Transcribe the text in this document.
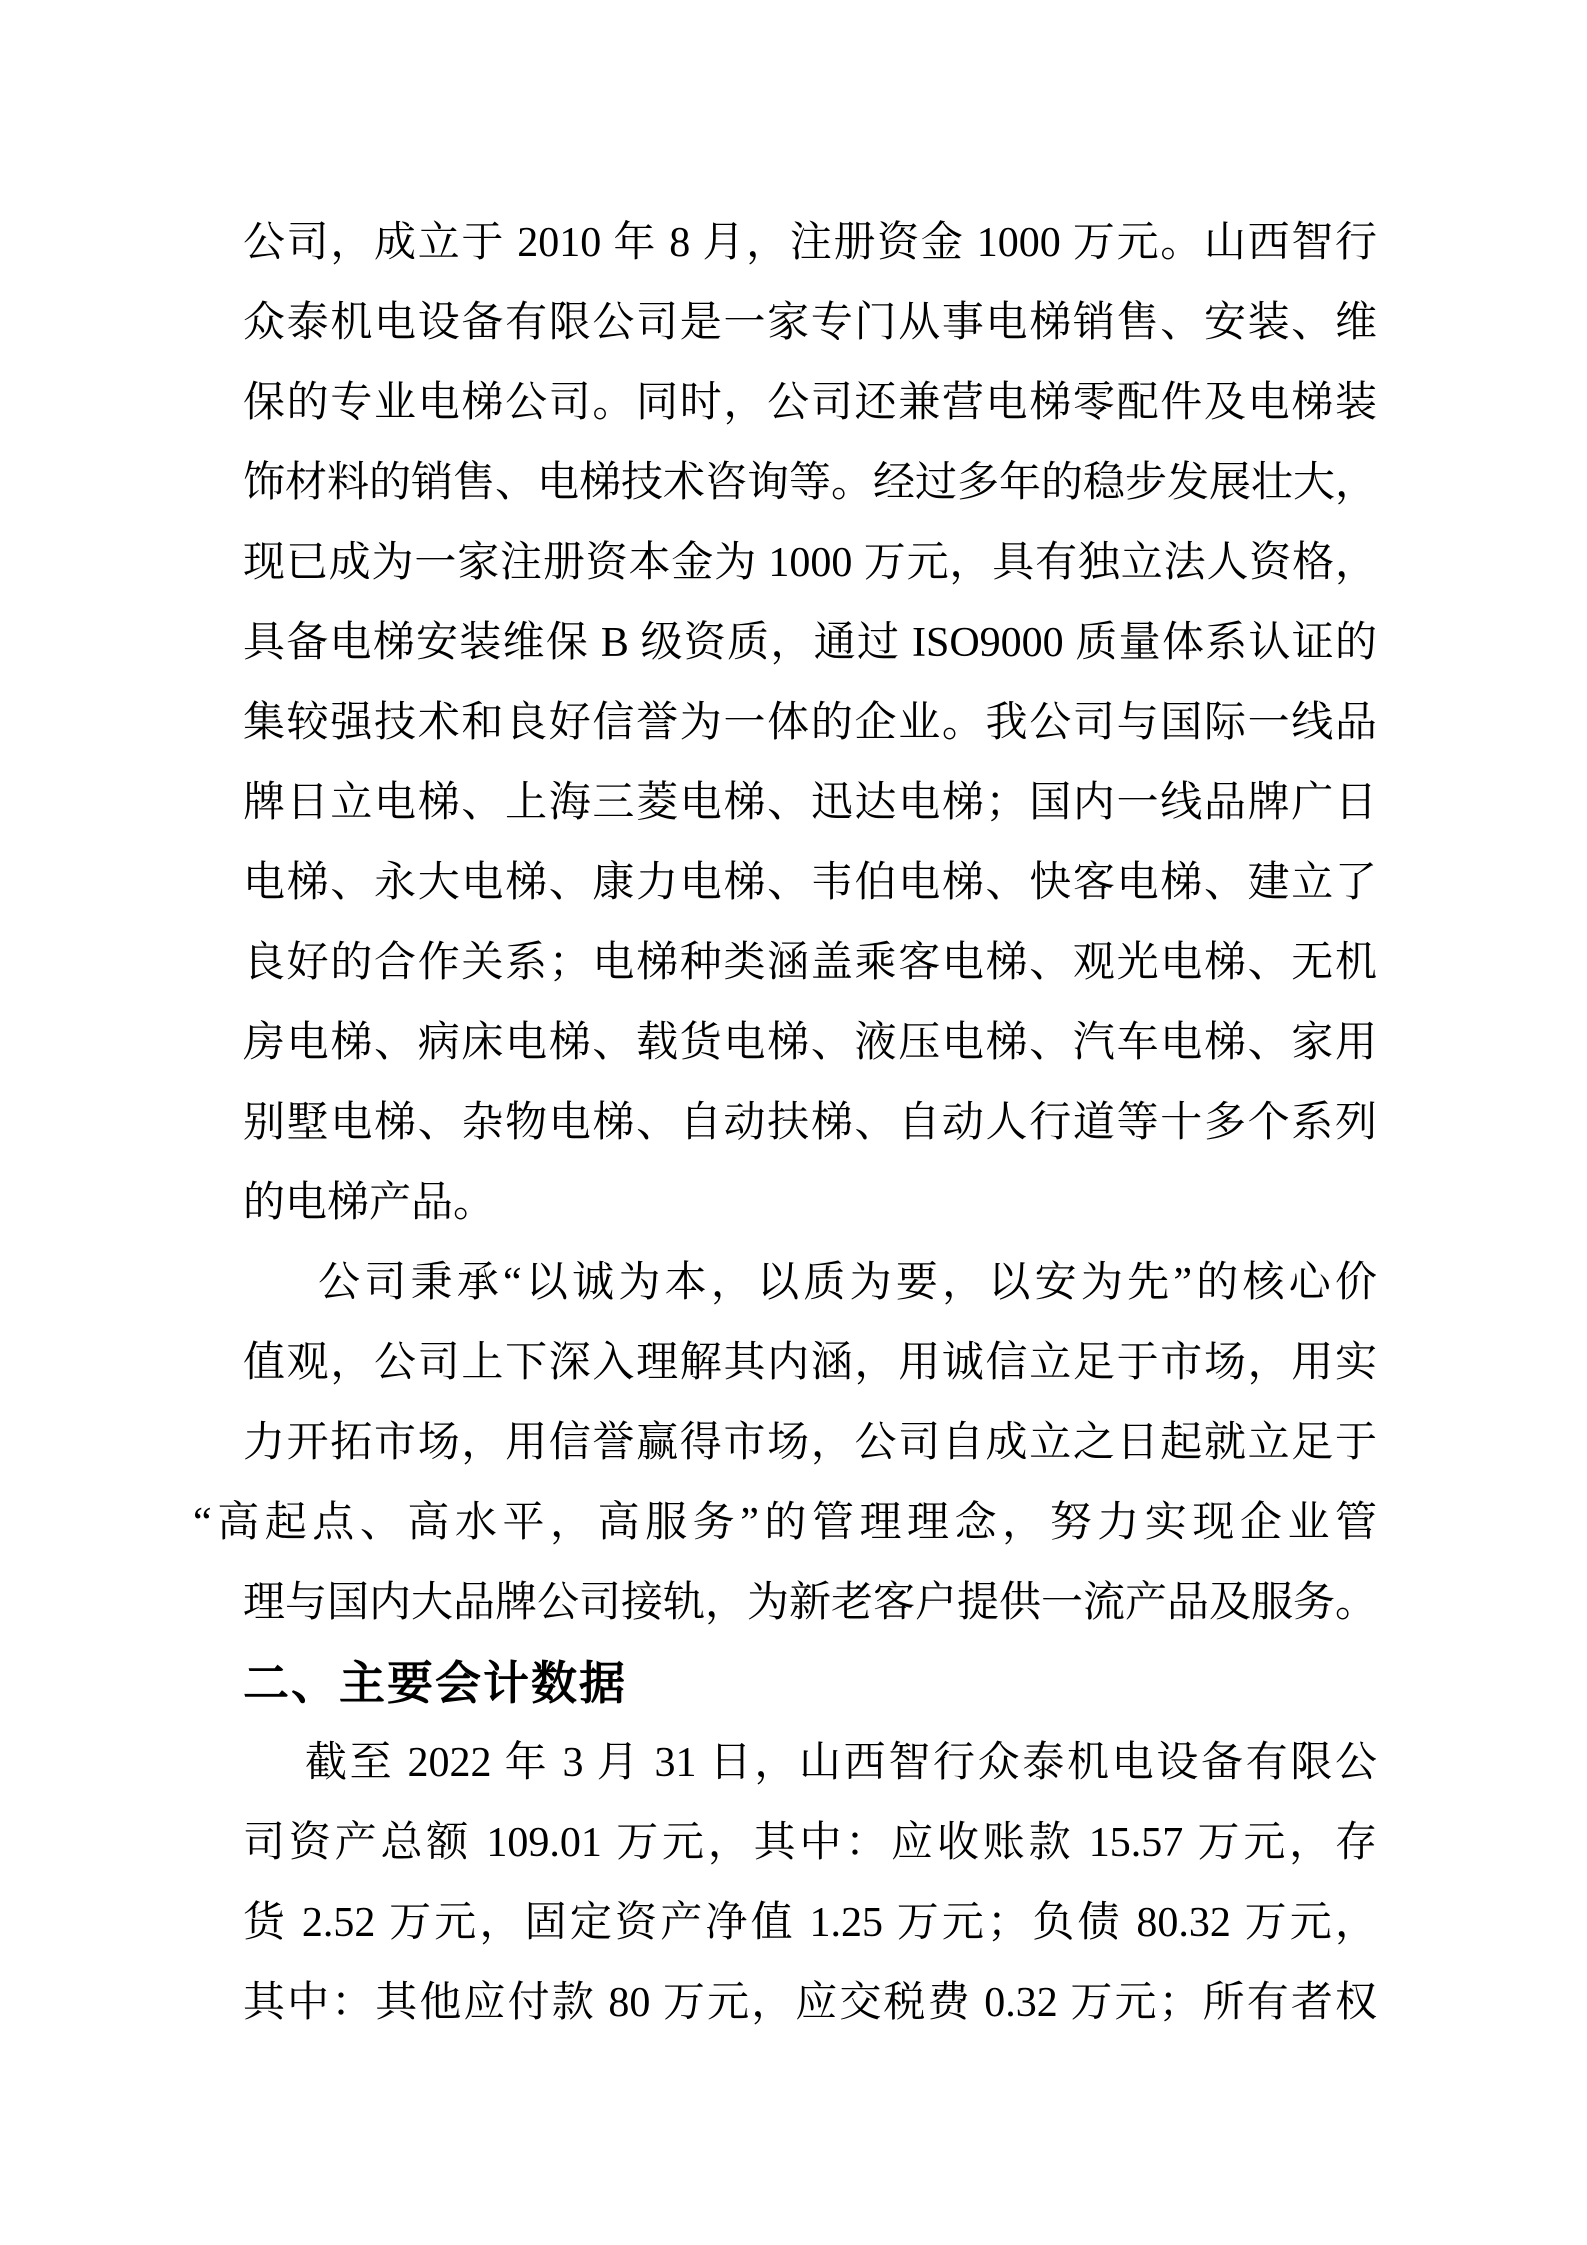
公司，成立于 2010 年 8 月，注册资金 1000 万元。山西智行
众泰机电设备有限公司是一家专门从事电梯销售、安装、维
保的专业电梯公司。同时，公司还兼营电梯零配件及电梯装
饰材料的销售、电梯技术咨询等。经过多年的稳步发展壮大，
现已成为一家注册资本金为 1000 万元，具有独立法人资格，
具备电梯安装维保 B 级资质，通过 ISO9000 质量体系认证的
集较强技术和良好信誉为一体的企业。我公司与国际一线品
牌日立电梯、上海三菱电梯、迅达电梯；国内一线品牌广日
电梯、永大电梯、康力电梯、韦伯电梯、快客电梯、建立了
良好的合作关系；电梯种类涵盖乘客电梯、观光电梯、无机
房电梯、病床电梯、载货电梯、液压电梯、汽车电梯、家用
别墅电梯、杂物电梯、自动扶梯、自动人行道等十多个系列
的电梯产品。
公司秉承“以诚为本，以质为要，以安为先”的核心价
值观，公司上下深入理解其内涵，用诚信立足于市场，用实
力开拓市场，用信誉赢得市场，公司自成立之日起就立足于
“高起点、高水平，高服务”的管理理念，努力实现企业管
理与国内大品牌公司接轨，为新老客户提供一流产品及服务。
二、主要会计数据
截至 2022 年 3 月 31 日，山西智行众泰机电设备有限公
司资产总额 109.01 万元，其中：应收账款 15.57 万元，存
货 2.52 万元，固定资产净值 1.25 万元；负债 80.32 万元，
其中：其他应付款 80 万元，应交税费 0.32 万元；所有者权
